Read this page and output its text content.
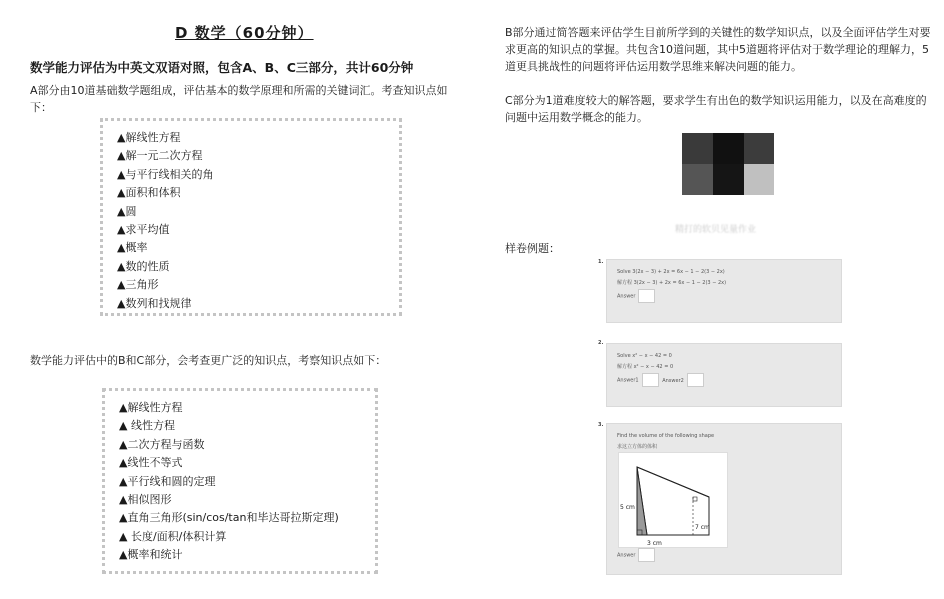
D 数学（60分钟）
数学能力评估为中英文双语对照，包含A、B、C三部分，共计60分钟
A部分由10道基础数学题组成，评估基本的数学原理和所需的关键词汇。考查知识点如下：
▲解线性方程
▲解一元二次方程
▲与平行线相关的角
▲面积和体积
▲圆
▲求平均值
▲概率
▲数的性质
▲三角形
▲数列和找规律
数学能力评估中的B和C部分，会考查更广泛的知识点，考察知识点如下：
▲解线性方程
▲ 线性方程
▲二次方程与函数
▲线性不等式
▲平行线和圆的定理
▲相似图形
▲直角三角形(sin/cos/tan和毕达哥拉斯定理)
▲ 长度/面积/体积计算
▲概率和统计
B部分通过简答题来评估学生目前所学到的关键性的数学知识点，以及全面评估学生对要求更高的知识点的掌握。共包含10道问题，其中5道题将评估对于数学理论的理解力，5道更具挑战性的问题将评估运用数学思维来解决问题的能力。
C部分为1道难度较大的解答题，要求学生有出色的数学知识运用能力，以及在高难度的问题中运用数学概念的能力。
精打的软贝见量作业
样卷例题：
1.
Solve 3(2x − 3) + 2x = 6x − 1 − 2(3 − 2x)
解方程 3(2x − 3) + 2x = 6x − 1 − 2(3 − 2x)
Answer
2.
Solve x² − x − 42 = 0
解方程 x² − x − 42 = 0
Answer1	Answer2
3.
Find the volume of the following shape
求这立方体的体积
5 cm
7 cm
3 cm
Answer
